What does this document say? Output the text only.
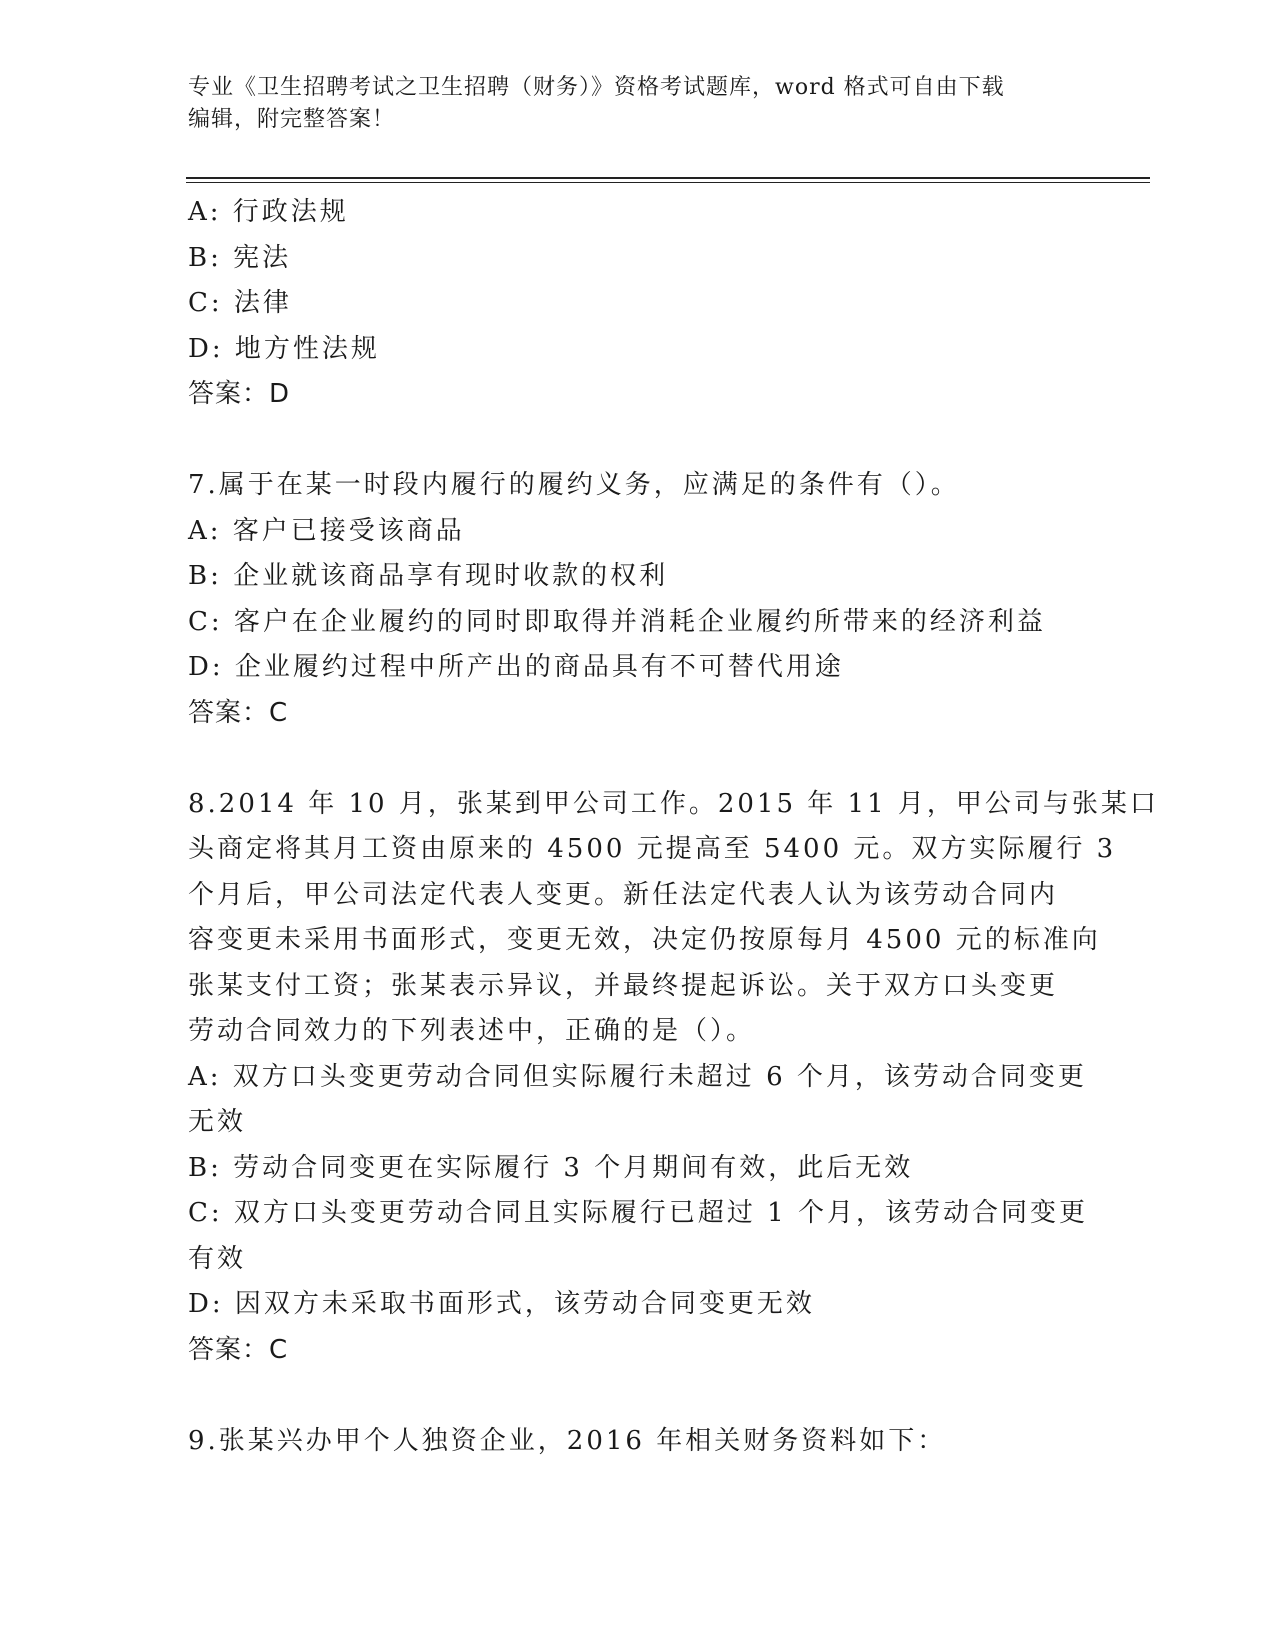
专业《卫生招聘考试之卫生招聘（财务）》资格考试题库，word 格式可自由下载
编辑，附完整答案！
A: 行政法规
B: 宪法
C: 法律
D: 地方性法规
答案：D
7.属于在某一时段内履行的履约义务，应满足的条件有（）。
A: 客户已接受该商品
B: 企业就该商品享有现时收款的权利
C: 客户在企业履约的同时即取得并消耗企业履约所带来的经济利益
D: 企业履约过程中所产出的商品具有不可替代用途
答案：C
8.2014 年 10 月，张某到甲公司工作。2015 年 11 月，甲公司与张某口
头商定将其月工资由原来的 4500 元提高至 5400 元。双方实际履行 3
个月后，甲公司法定代表人变更。新任法定代表人认为该劳动合同内
容变更未采用书面形式，变更无效，决定仍按原每月 4500 元的标准向
张某支付工资；张某表示异议，并最终提起诉讼。关于双方口头变更
劳动合同效力的下列表述中，正确的是（）。
A: 双方口头变更劳动合同但实际履行未超过 6 个月，该劳动合同变更
无效
B: 劳动合同变更在实际履行 3 个月期间有效，此后无效
C: 双方口头变更劳动合同且实际履行已超过 1 个月，该劳动合同变更
有效
D: 因双方未采取书面形式，该劳动合同变更无效
答案：C
9.张某兴办甲个人独资企业，2016 年相关财务资料如下：
